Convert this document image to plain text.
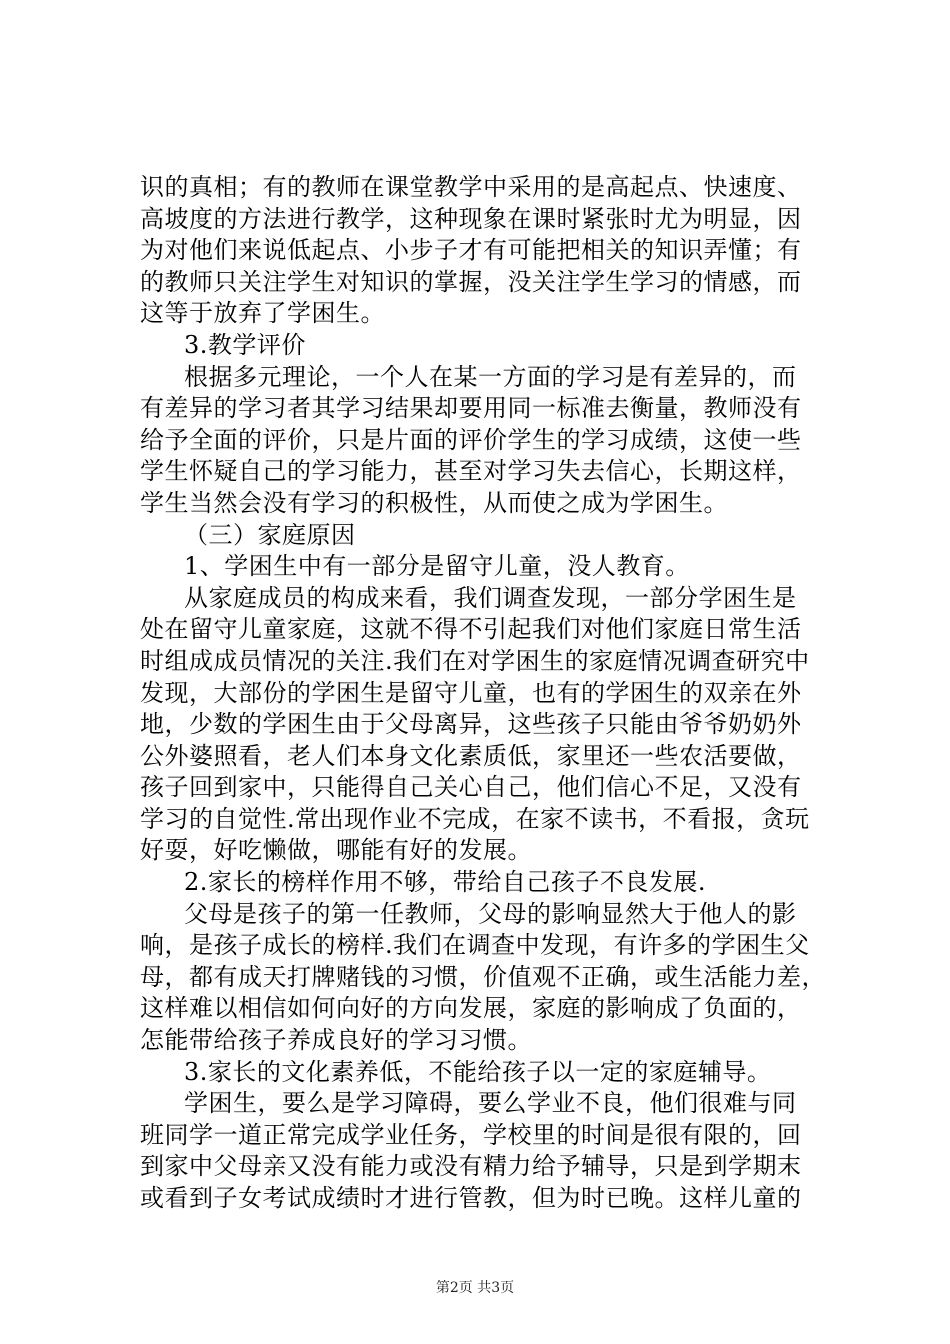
识的真相；有的教师在课堂教学中采用的是高起点、快速度、
高坡度的方法进行教学，这种现象在课时紧张时尤为明显，因
为对他们来说低起点、小步子才有可能把相关的知识弄懂；有
的教师只关注学生对知识的掌握，没关注学生学习的情感，而
这等于放弃了学困生。
3.教学评价
根据多元理论，一个人在某一方面的学习是有差异的，而
有差异的学习者其学习结果却要用同一标准去衡量，教师没有
给予全面的评价，只是片面的评价学生的学习成绩，这使一些
学生怀疑自己的学习能力，甚至对学习失去信心，长期这样，
学生当然会没有学习的积极性，从而使之成为学困生。
（三）家庭原因
1、学困生中有一部分是留守儿童，没人教育。
从家庭成员的构成来看，我们调查发现，一部分学困生是
处在留守儿童家庭，这就不得不引起我们对他们家庭日常生活
时组成成员情况的关注.我们在对学困生的家庭情况调查研究中
发现，大部份的学困生是留守儿童，也有的学困生的双亲在外
地，少数的学困生由于父母离异，这些孩子只能由爷爷奶奶外
公外婆照看，老人们本身文化素质低，家里还一些农活要做，
孩子回到家中，只能得自己关心自己，他们信心不足，又没有
学习的自觉性.常出现作业不完成，在家不读书，不看报，贪玩
好耍，好吃懒做，哪能有好的发展。
2.家长的榜样作用不够，带给自己孩子不良发展.
父母是孩子的第一任教师，父母的影响显然大于他人的影
响，是孩子成长的榜样.我们在调查中发现，有许多的学困生父
母，都有成天打牌赌钱的习惯，价值观不正确，或生活能力差，
这样难以相信如何向好的方向发展，家庭的影响成了负面的，
怎能带给孩子养成良好的学习习惯。
3.家长的文化素养低，不能给孩子以一定的家庭辅导。
学困生，要么是学习障碍，要么学业不良，他们很难与同
班同学一道正常完成学业任务，学校里的时间是很有限的，回
到家中父母亲又没有能力或没有精力给予辅导，只是到学期末
或看到子女考试成绩时才进行管教，但为时已晚。这样儿童的
第2页 共3页
